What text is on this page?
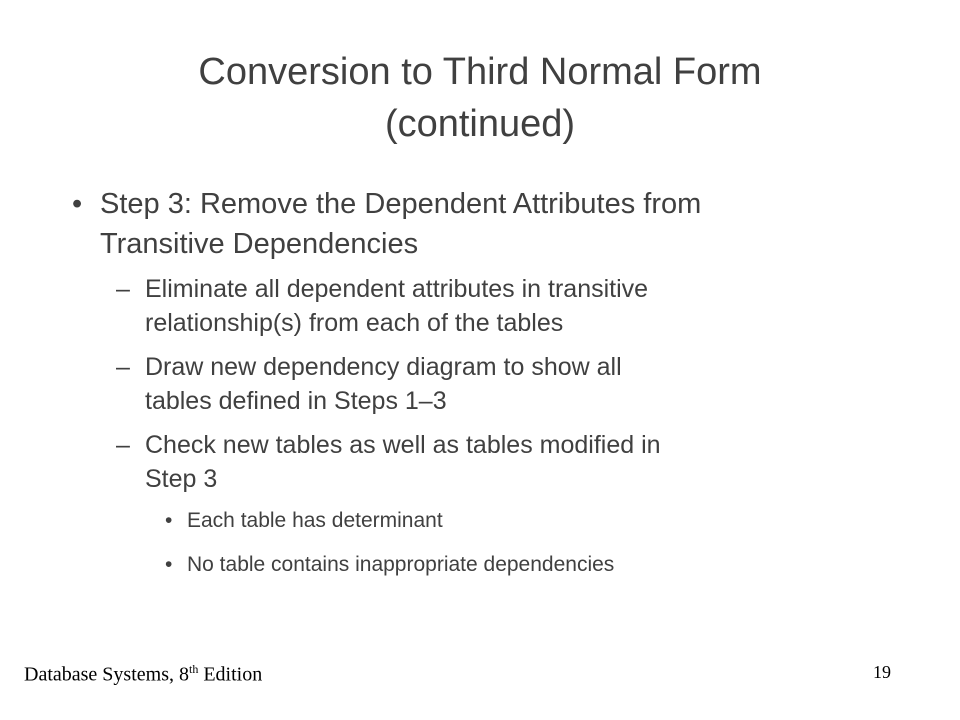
Conversion to Third Normal Form
(continued)
• Step 3: Remove the Dependent Attributes from
Transitive Dependencies
– Eliminate all dependent attributes in transitive
relationship(s) from each of the tables
– Draw new dependency diagram to show all
tables defined in Steps 1–3
– Check new tables as well as tables modified in
Step 3
• Each table has determinant
• No table contains inappropriate dependencies
Database Systems, 8th Edition	19
